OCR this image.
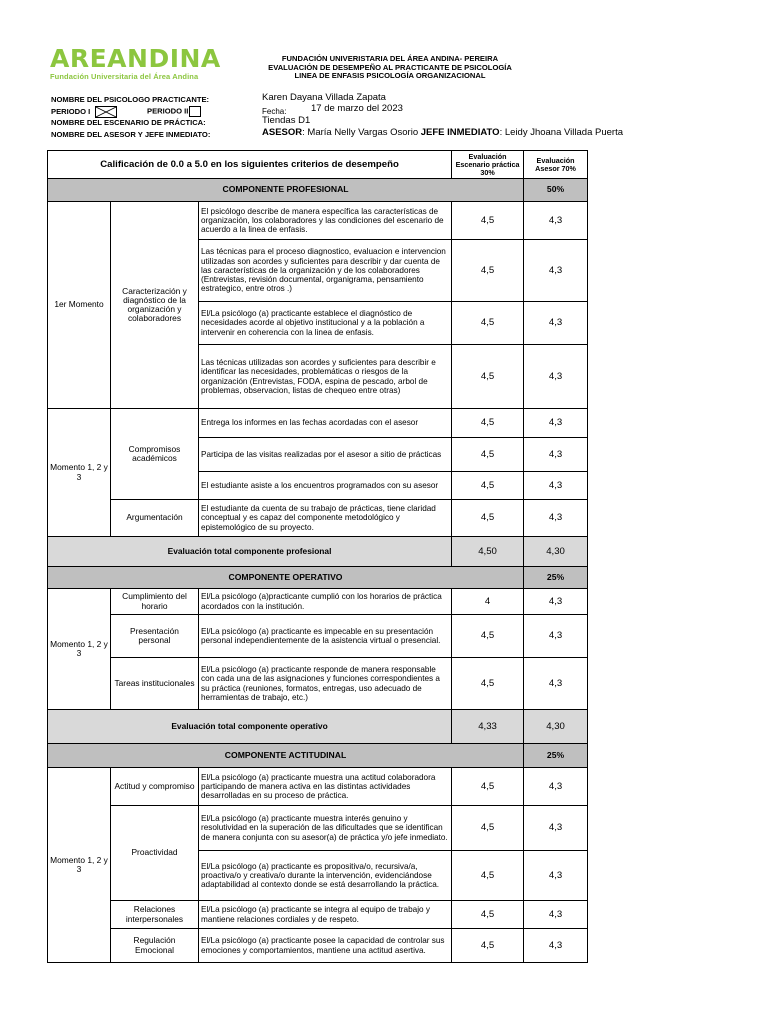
AREANDINA
Fundación Universitaria del Área Andina
FUNDACIÓN UNIVERISTARIA DEL ÁREA ANDINA- PEREIRA
EVALUACIÓN DE DESEMPEÑO AL PRACTICANTE DE PSICOLOGÍA
LINEA DE ENFASIS PSICOLOGÍA ORGANIZACIONAL
NOMBRE DEL PSICOLOGO PRACTICANTE:	Karen Dayana Villada Zapata
PERIODO I	PERIODO II	Fecha:	17 de marzo del 2023
NOMBRE DEL ESCENARIO DE PRÁCTICA:	Tiendas D1
NOMBRE DEL ASESOR Y JEFE INMEDIATO:	ASESOR: María Nelly Vargas Osorio JEFE INMEDIATO: Leidy Jhoana Villada Puerta
Calificación de 0.0 a 5.0 en los siguientes criterios de desempeño			Evaluación Escenario práctica 30%	Evaluación Asesor 70%
COMPONENTE PROFESIONAL				50%
1er Momento	Caracterización y diagnóstico de la organización y colaboradores	El psicólogo describe de manera específica las características de organización, los colaboradores y las condiciones del escenario de acuerdo a la linea de enfasis.	4,5	4,3
		Las técnicas para el proceso diagnostico, evaluacion e intervencion utilizadas son acordes y suficientes para describir y dar cuenta de las características de la organización y de los colaboradores (Entrevistas, revisión documental, organigrama, pensamiento estrategico, entre otros .)	4,5	4,3
		El/La psicólogo (a) practicante establece el diagnóstico de necesidades acorde al objetivo institucional y a la población a intervenir en coherencia con la linea de enfasis.	4,5	4,3
		Las técnicas utilizadas son acordes y suficientes para describir e identificar las necesidades, problemáticas o riesgos de la organización (Entrevistas, FODA, espina de pescado, arbol de problemas, observacion, listas de chequeo entre otras)	4,5	4,3
Momento 1, 2 y 3	Compromisos académicos	Entrega los informes en las fechas acordadas con el asesor	4,5	4,3
		Participa de las visitas realizadas por el asesor a sitio de prácticas	4,5	4,3
		El estudiante asiste a los encuentros programados con su asesor	4,5	4,3
	Argumentación	El estudiante da cuenta de su trabajo de prácticas, tiene claridad conceptual y es capaz del componente metodológico y epistemológico de su proyecto.	4,5	4,3
Evaluación total componente profesional			4,50	4,30
COMPONENTE OPERATIVO				25%
Momento 1, 2 y 3	Cumplimiento del horario	El/La psicólogo (a)practicante cumplió con los horarios de práctica acordados con la institución.	4	4,3
	Presentación personal	El/La psicólogo (a) practicante es impecable en su presentación personal independientemente de la asistencia virtual o presencial.	4,5	4,3
	Tareas institucionales	El/La psicólogo (a) practicante responde de manera responsable con cada una de las asignaciones y funciones correspondientes a su práctica (reuniones, formatos, entregas, uso adecuado de herramientas de trabajo, etc.)	4,5	4,3
Evaluación total componente operativo			4,33	4,30
COMPONENTE ACTITUDINAL				25%
Momento 1, 2 y 3	Actitud y compromiso	El/La psicólogo (a) practicante muestra una actitud colaboradora participando de manera activa en las distintas actividades desarrolladas en su proceso de práctica.	4,5	4,3
	Proactividad	El/La psicólogo (a) practicante muestra interés genuino y resolutividad en la superación de las dificultades que se identifican de manera conjunta con su asesor(a) de práctica y/o jefe inmediato.	4,5	4,3
		El/La psicólogo (a) practicante es propositiva/o, recursiva/a, proactiva/o y creativa/o durante la intervención, evidenciándose adaptabilidad al contexto donde se está desarrollando la práctica.	4,5	4,3
	Relaciones interpersonales	El/La psicólogo (a) practicante se integra al equipo de trabajo y mantiene relaciones cordiales y de respeto.	4,5	4,3
	Regulación Emocional	El/La psicólogo (a) practicante posee la capacidad de controlar sus emociones y comportamientos, mantiene una actitud asertiva.	4,5	4,3
